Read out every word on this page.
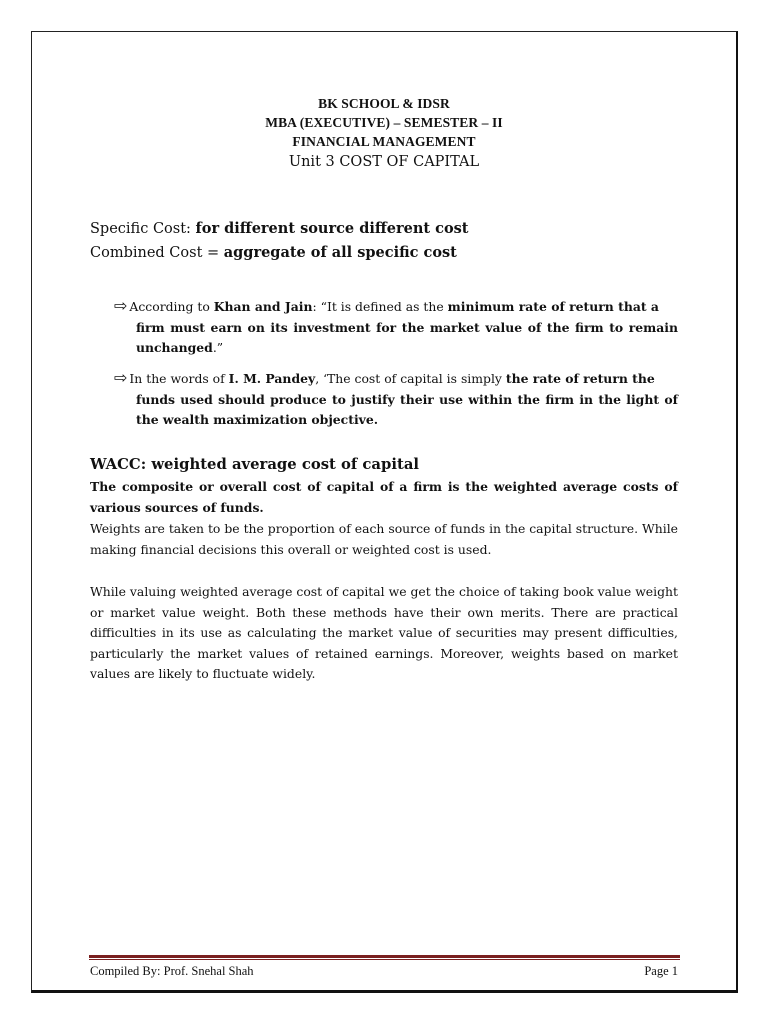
BK SCHOOL & IDSR
MBA (EXECUTIVE) – SEMESTER – II
FINANCIAL MANAGEMENT
Unit 3 COST OF CAPITAL
Specific Cost: for different source different cost
Combined Cost = aggregate of all specific cost
⇨ According to Khan and Jain: “It is defined as the minimum rate of return that a
firm must earn on its investment for the market value of the firm to remain unchanged.”
⇨ In the words of I. M. Pandey, ‘The cost of capital is simply the rate of return the
funds used should produce to justify their use within the firm in the light of the wealth maximization objective.
WACC: weighted average cost of capital
The composite or overall cost of capital of a firm is the weighted average costs of various sources of funds.
Weights are taken to be the proportion of each source of funds in the capital structure. While making financial decisions this overall or weighted cost is used.
While valuing weighted average cost of capital we get the choice of taking book value weight or market value weight. Both these methods have their own merits. There are practical difficulties in its use as calculating the market value of securities may present difficulties, particularly the market values of retained earnings. Moreover, weights based on market values are likely to fluctuate widely.
Compiled By: Prof. Snehal Shah	Page 1
